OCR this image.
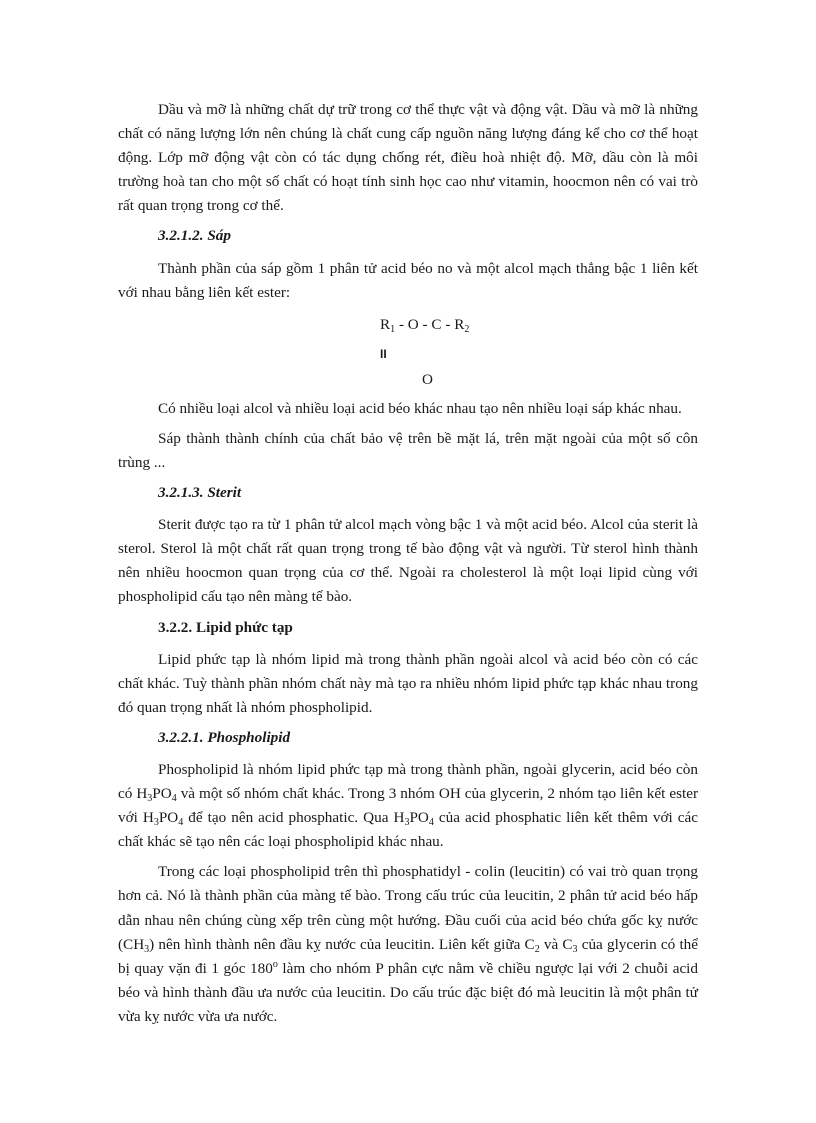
Dầu và mỡ là những chất dự trữ trong cơ thể thực vật và động vật. Dầu và mỡ là những chất có năng lượng lớn nên chúng là chất cung cấp nguồn năng lượng đáng kể cho cơ thể hoạt động. Lớp mỡ động vật còn có tác dụng chống rét, điều hoà nhiệt độ. Mỡ, dầu còn là môi trường hoà tan cho một số chất có hoạt tính sinh học cao như vitamin, hoocmon nên có vai trò rất quan trọng trong cơ thể.

3.2.1.2. Sáp

Thành phần của sáp gồm 1 phân tử acid béo no và một alcol mạch thẳng bậc 1 liên kết với nhau bằng liên kết ester:

$R_1$ - O - C - $R_2$
II
O

Có nhiều loại alcol và nhiều loại acid béo khác nhau tạo nên nhiều loại sáp khác nhau.

Sáp thành thành chính của chất bảo vệ trên bề mặt lá, trên mặt ngoài của một số côn trùng ...

3.2.1.3. Sterit

Sterit được tạo ra từ 1 phân tử alcol mạch vòng bậc 1 và một acid béo. Alcol của sterit là sterol. Sterol là một chất rất quan trọng trong tế bào động vật và người. Từ sterol hình thành nên nhiều hoocmon quan trọng của cơ thể. Ngoài ra cholesterol là một loại lipid cùng với phospholipid cấu tạo nên màng tế bào.

3.2.2. Lipid phức tạp

Lipid phức tạp là nhóm lipid mà trong thành phần ngoài alcol và acid béo còn có các chất khác. Tuỳ thành phần nhóm chất này mà tạo ra nhiều nhóm lipid phức tạp khác nhau trong đó quan trọng nhất là nhóm phospholipid.

3.2.2.1. Phospholipid

Phospholipid là nhóm lipid phức tạp mà trong thành phần, ngoài glycerin, acid béo còn có $H_3PO_4$ và một số nhóm chất khác. Trong 3 nhóm OH của glycerin, 2 nhóm tạo liên kết ester với $H_3PO_4$ để tạo nên acid phosphatic. Qua $H_3PO_4$ của acid phosphatic liên kết thêm với các chất khác sẽ tạo nên các loại phospholipid khác nhau.

Trong các loại phospholipid trên thì phosphatidyl - colin (leucitin) có vai trò quan trọng hơn cả. Nó là thành phần của màng tế bào. Trong cấu trúc của leucitin, 2 phân tử acid béo hấp dẫn nhau nên chúng cùng xếp trên cùng một hướng. Đầu cuối của acid béo chứa gốc kỵ nước $(CH_3)$ nên hình thành nên đầu kỵ nước của leucitin. Liên kết giữa $C_2$ và $C_3$ của glycerin có thể bị quay vặn đi 1 góc 180$^o$ làm cho nhóm P phân cực nằm về chiều ngược lại với 2 chuỗi acid béo và hình thành đầu ưa nước của leucitin. Do cấu trúc đặc biệt đó mà leucitin là một phân tử vừa kỵ nước vừa ưa nước.
